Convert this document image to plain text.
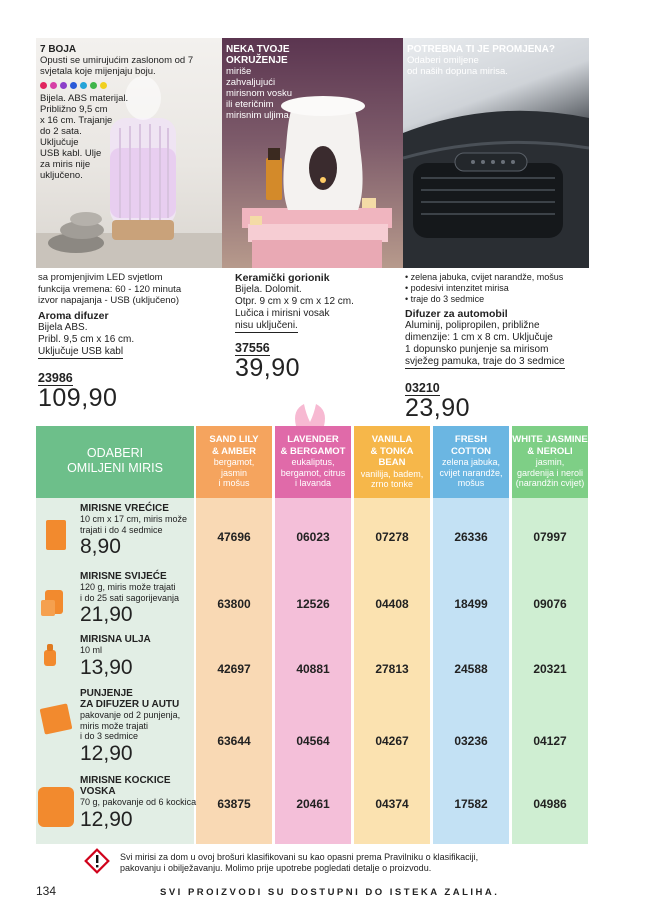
7 BOJA
Opusti se umirujućim zaslonom od 7 svjetala koje mijenjaju boju.
Bijela. ABS materijal.
Približno 9,5 cm
x 16 cm. Trajanje
do 2 sata.
Uključuje
USB kabl. Ulje
za miris nije
uključeno.
NEKA TVOJE
OKRUŽENJE
miriše
zahvaljujući
mirisnom vosku
ili eteričnim
mirisnim uljima
POTREBNA TI JE PROMJENA?
Odaberi omiljene
od naših dopuna mirisa.
sa promjenjivim LED svjetlom
funkcija vremena: 60 - 120 minuta
izvor napajanja - USB (uključeno)
Aroma difuzer
Bijela ABS.
Pribl. 9,5 cm x 16 cm.
Uključuje USB kabl
23986
109,90
Keramički gorionik
Bijela. Dolomit.
Otpr. 9 cm x 9 cm x 12 cm.
Lučica i mirisni vosak
nisu uključeni.
37556
39,90
• zelena jabuka, cvijet narandže, mošus
• podesivi intenzitet mirisa
• traje do 3 sedmice
Difuzer za automobil
Aluminij, polipropilen, približne
dimenzije: 1 cm x 8 cm. Uključuje
1 dopunsko punjenje sa mirisom
svježeg pamuka, traje do 3 sedmice
03210
23,90
ODABERI
OMILJENI MIRIS
SAND LILY
& AMBER
bergamot,
jasmin
i mošus
LAVENDER
& BERGAMOT
eukaliptus,
bergamot, citrus
i lavanda
VANILLA
& TONKA
BEAN
vanilija, badem,
zrno tonke
FRESH
COTTON
zelena jabuka,
cvijet narandže,
mošus
WHITE JASMINE
& NEROLI
jasmin,
gardenija i neroli
(narandžin cvijet)
MIRISNE VREĆICE
10 cm x 17 cm, miris može
trajati i do 4 sedmice
8,90	47696	06023	07278	26336	07997
MIRISNE SVIJEĆE
120 g, miris može trajati
i do 25 sati sagorijevanja
21,90	63800	12526	04408	18499	09076
MIRISNA ULJA
10 ml
13,90	42697	40881	27813	24588	20321
PUNJENJE
ZA DIFUZER U AUTU
pakovanje od 2 punjenja,
miris može trajati
i do 3 sedmice
12,90
63644	04564	04267	03236	04127
MIRISNE KOCKICE
VOSKA
70 g, pakovanje od 6 kockica
12,90
63875	20461	04374	17582	04986
Svi mirisi za dom u ovoj brošuri klasifikovani su kao opasni prema Pravilniku o klasifikaciji,
pakovanju i obilježavanju. Molimo prije upotrebe pogledati detalje o proizvodu.
134	SVI PROIZVODI SU DOSTUPNI DO ISTEKA ZALIHA.
